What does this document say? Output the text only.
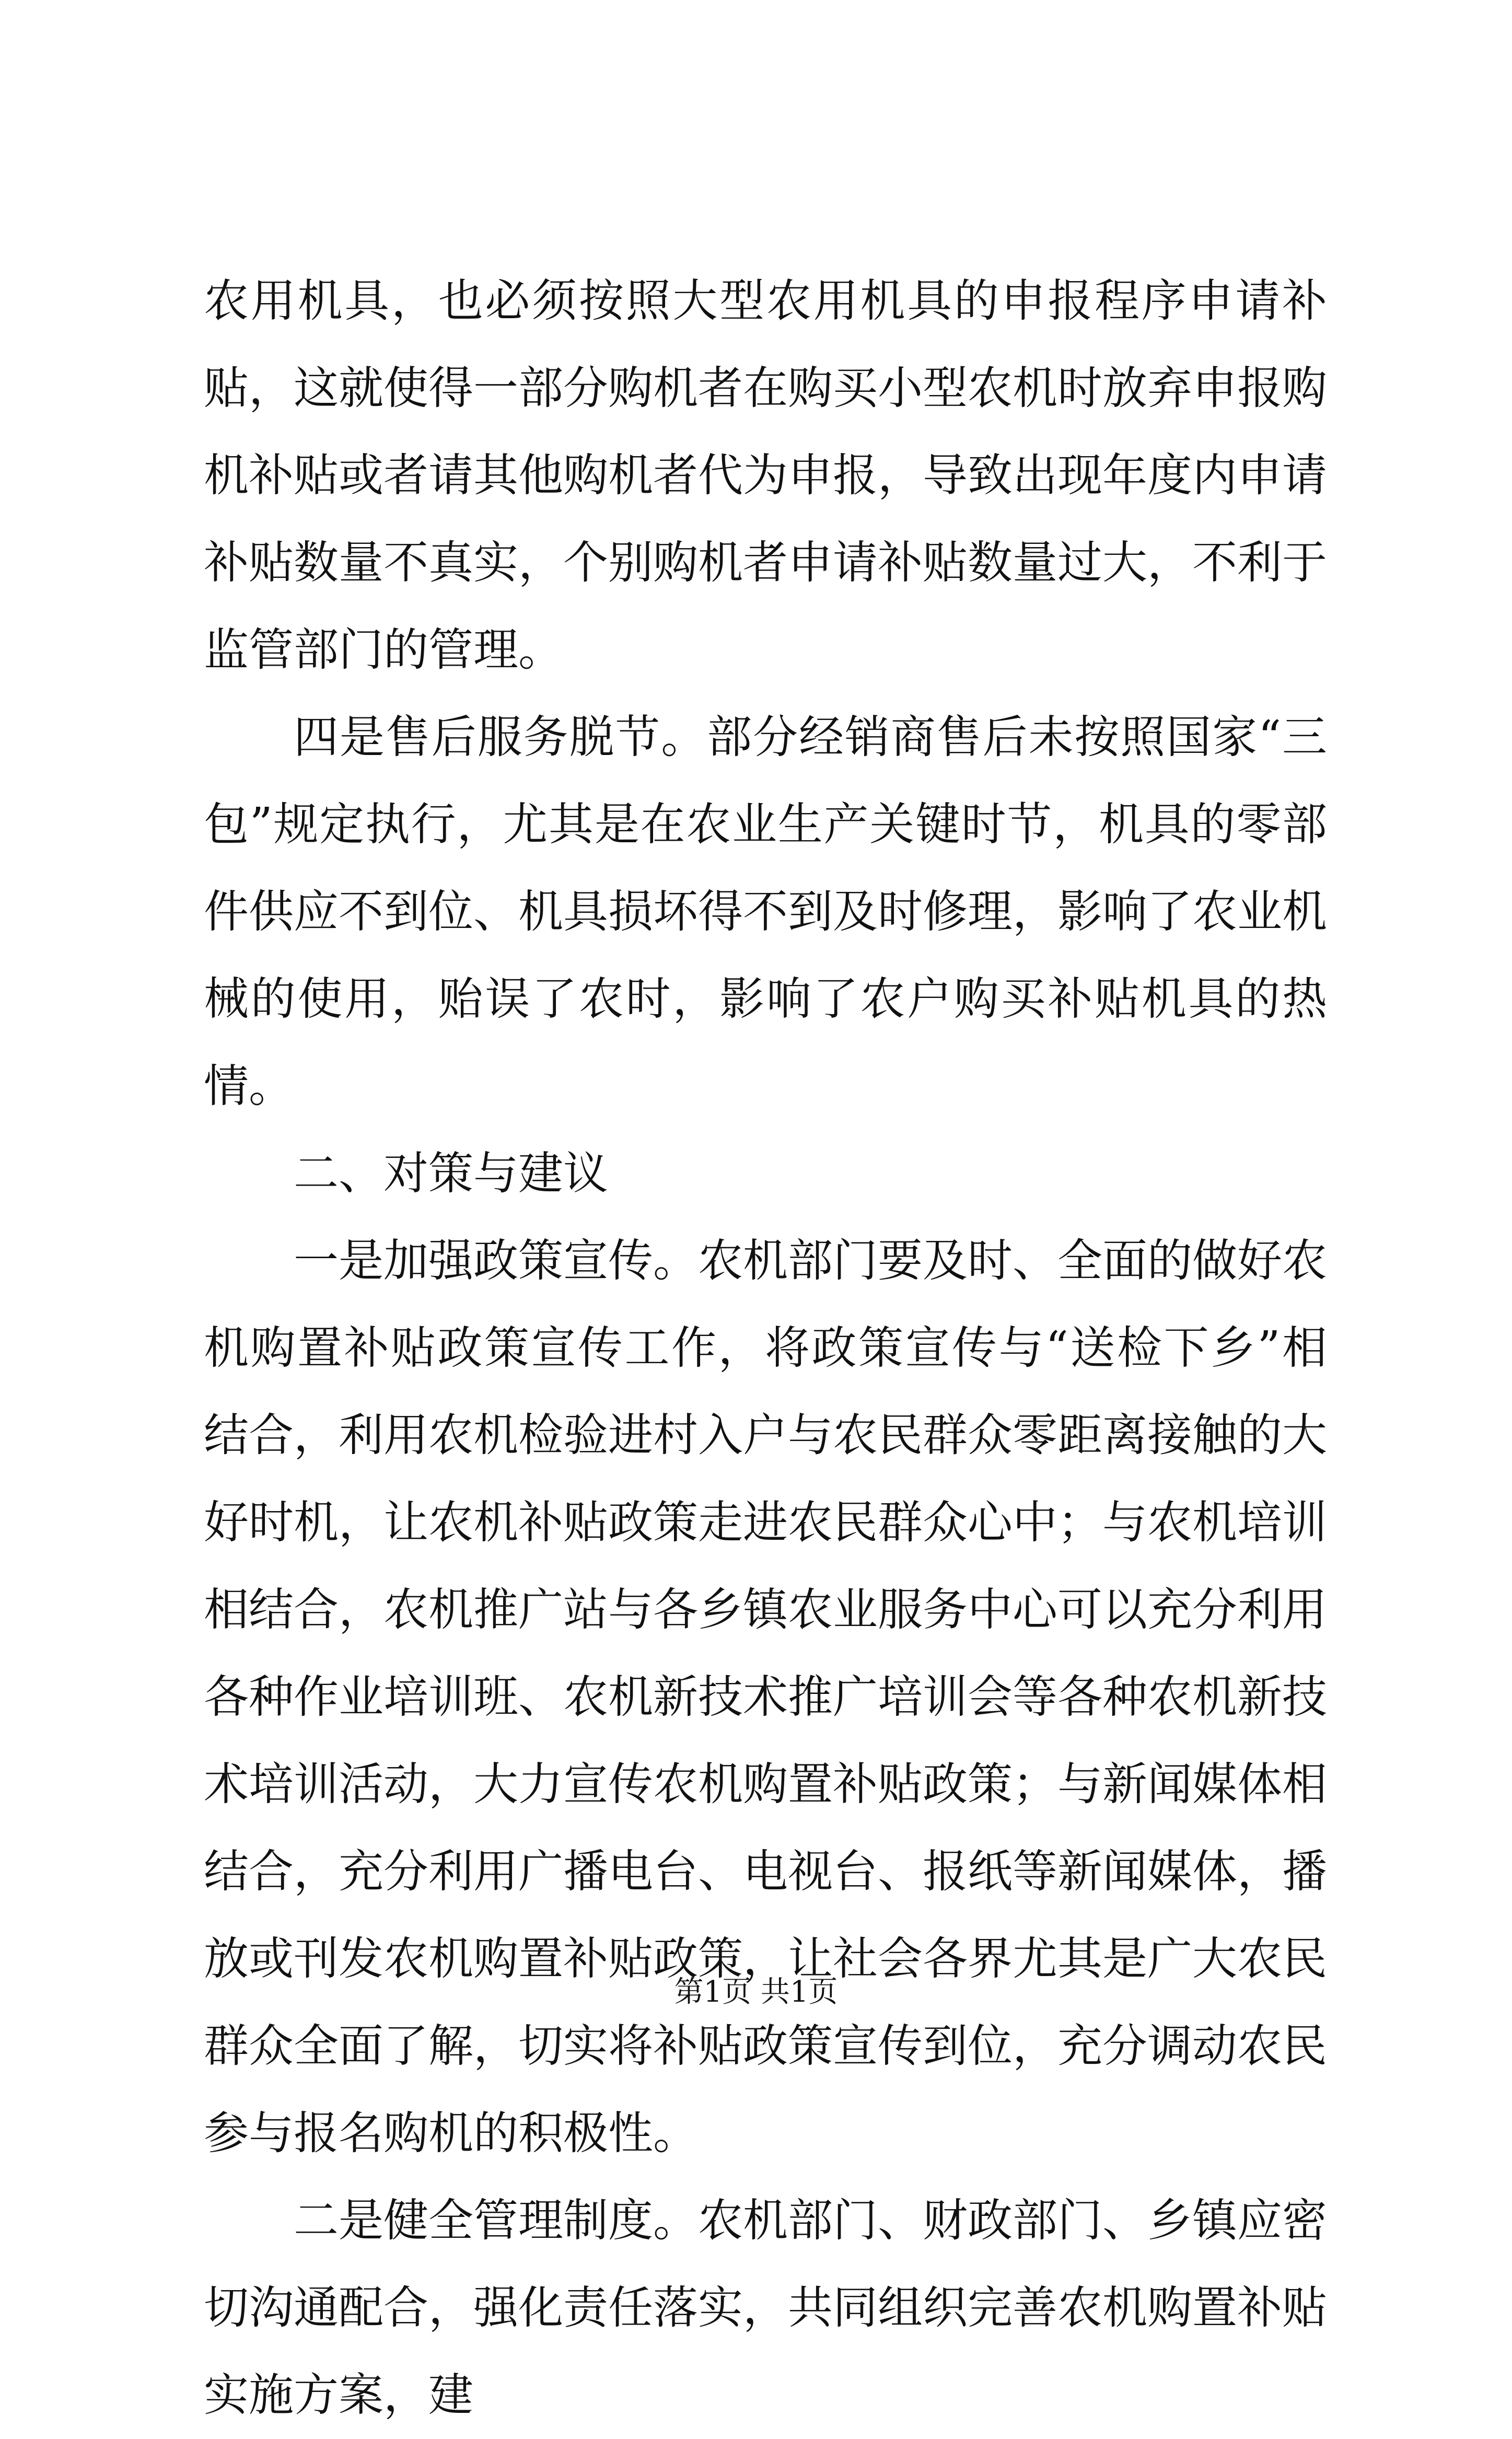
农用机具，也必须按照大型农用机具的申报程序申请补贴，这就使得一部分购机者在购买小型农机时放弃申报购机补贴或者请其他购机者代为申报，导致出现年度内申请补贴数量不真实，个别购机者申请补贴数量过大，不利于监管部门的管理。

四是售后服务脱节。部分经销商售后未按照国家“三包”规定执行，尤其是在农业生产关键时节，机具的零部件供应不到位、机具损坏得不到及时修理，影响了农业机械的使用，贻误了农时，影响了农户购买补贴机具的热情。

二、对策与建议

一是加强政策宣传。农机部门要及时、全面的做好农机购置补贴政策宣传工作，将政策宣传与“送检下乡”相结合，利用农机检验进村入户与农民群众零距离接触的大好时机，让农机补贴政策走进农民群众心中；与农机培训相结合，农机推广站与各乡镇农业服务中心可以充分利用各种作业培训班、农机新技术推广培训会等各种农机新技术培训活动，大力宣传农机购置补贴政策；与新闻媒体相结合，充分利用广播电台、电视台、报纸等新闻媒体，播放或刊发农机购置补贴政策，让社会各界尤其是广大农民群众全面了解，切实将补贴政策宣传到位，充分调动农民参与报名购机的积极性。

二是健全管理制度。农机部门、财政部门、乡镇应密切沟通配合，强化责任落实，共同组织完善农机购置补贴实施方案，建

第1页 共1页
